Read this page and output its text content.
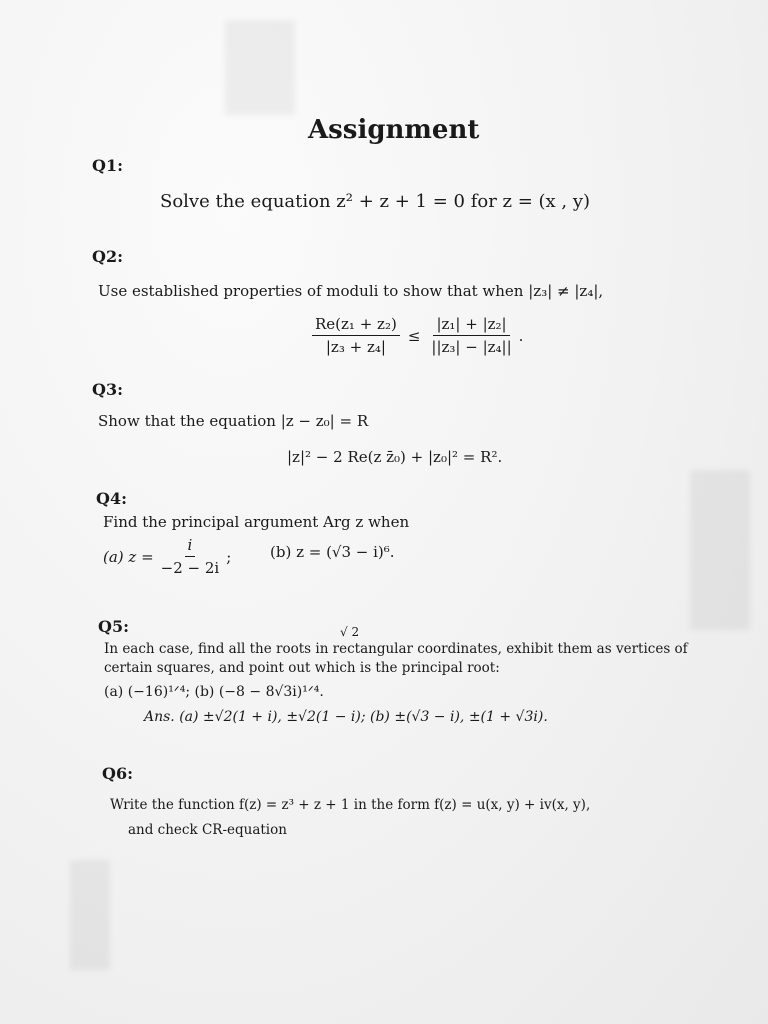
Assignment
Q1:
Solve the equation z² + z + 1 = 0 for z = (x , y)
Q2:
Use established properties of moduli to show that when |z₃| ≠ |z₄|,
$\frac{\text{Re(z₁ + z₂)}}{\text{|z₃ + z₄|}} \le \frac{\text{|z₁| + |z₂|}}{\text{||z₃| − |z₄||}}$ .
Q3:
Show that the equation |z − z₀| = R
|z|² − 2 Re(z z̄₀) + |z₀|² = R².
Q4:
Find the principal argument Arg z when
(a) $z = \frac{i}{-2 - 2i}$ ;	(b) z = (√3 − i)⁶.
Q5:	√ 2
In each case, find all the roots in rectangular coordinates, exhibit them as vertices of
certain squares, and point out which is the principal root:
(a) (−16)¹ᐟ⁴; (b) (−8 − 8√3i)¹ᐟ⁴.
Ans. (a) ±√2(1 + i), ±√2(1 − i); (b) ±(√3 − i), ±(1 + √3i).
Q6:
Write the function f(z) = z³ + z + 1 in the form f(z) = u(x, y) + iv(x, y),
and check CR-equation
